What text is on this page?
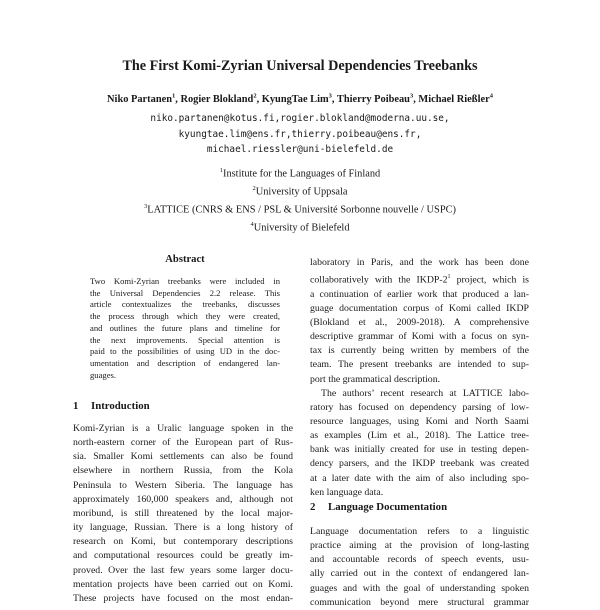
The First Komi-Zyrian Universal Dependencies Treebanks
Niko Partanen$^1$, Rogier Blokland$^2$, KyungTae Lim$^3$, Thierry Poibeau$^3$, Michael Rießler$^4$
niko.partanen@kotus.fi,rogier.blokland@moderna.uu.se,
kyungtae.lim@ens.fr,thierry.poibeau@ens.fr,
michael.riessler@uni-bielefeld.de
$^1$Institute for the Languages of Finland
$^2$University of Uppsala
$^3$LATTICE (CNRS & ENS / PSL & Université Sorbonne nouvelle / USPC)
$^4$University of Bielefeld
Abstract
Two Komi-Zyrian treebanks were included in
the Universal Dependencies 2.2 release. This
article contextualizes the treebanks, discusses
the process through which they were created,
and outlines the future plans and timeline for
the next improvements. Special attention is
paid to the possibilities of using UD in the doc-
umentation and description of endangered lan-
guages.
1 Introduction
Komi-Zyrian is a Uralic language spoken in the
north-eastern corner of the European part of Rus-
sia. Smaller Komi settlements can also be found
elsewhere in northern Russia, from the Kola
Peninsula to Western Siberia. The language has
approximately 160,000 speakers and, although not
moribund, is still threatened by the local major-
ity language, Russian. There is a long history of
research on Komi, but contemporary descriptions
and computational resources could be greatly im-
proved. Over the last few years some larger docu-
mentation projects have been carried out on Komi.
These projects have focused on the most endan-
laboratory in Paris, and the work has been done
collaboratively with the IKDP-$2^1$ project, which is
a continuation of earlier work that produced a lan-
guage documentation corpus of Komi called IKDP
(Blokland et al., 2009-2018). A comprehensive
descriptive grammar of Komi with a focus on syn-
tax is currently being written by members of the
team. The present treebanks are intended to sup-
port the grammatical description.
The authors’ recent research at LATTICE labo-
ratory has focused on dependency parsing of low-
resource languages, using Komi and North Saami
as examples (Lim et al., 2018). The Lattice tree-
bank was initially created for use in testing depen-
dency parsers, and the IKDP treebank was created
at a later date with the aim of also including spo-
ken language data.
2 Language Documentation
Language documentation refers to a linguistic
practice aiming at the provision of long-lasting
and accountable records of speech events, usu-
ally carried out in the context of endangered lan-
guages and with the goal of understanding spoken
communication beyond mere structural grammar
